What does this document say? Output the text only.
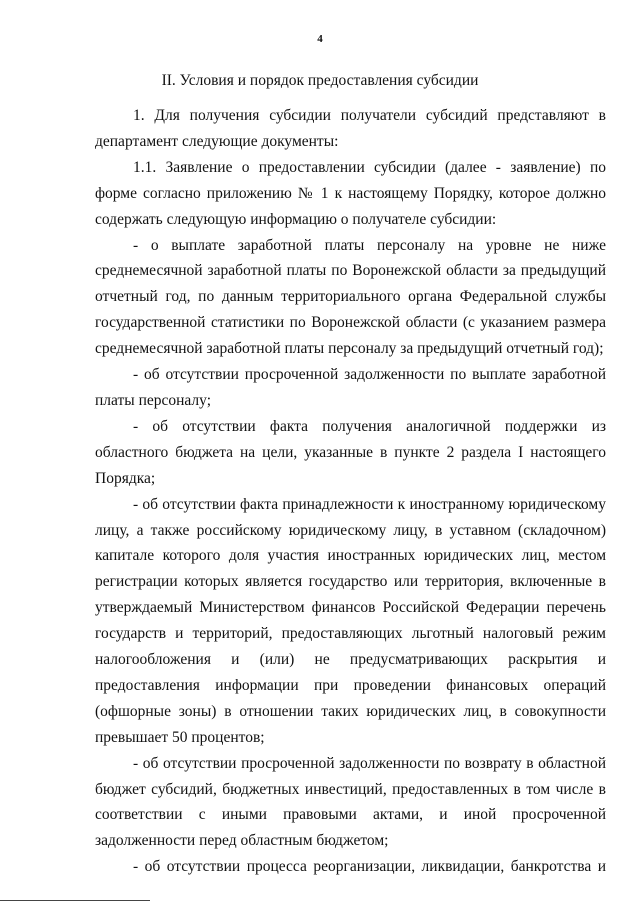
4
II. Условия и порядок предоставления субсидии

1. Для получения субсидии получатели субсидий представляют в департамент следующие документы:

1.1. Заявление о предоставлении субсидии (далее - заявление) по форме согласно приложению № 1 к настоящему Порядку, которое должно содержать следующую информацию о получателе субсидии:

- о выплате заработной платы персоналу на уровне не ниже среднемесячной заработной платы по Воронежской области за предыдущий отчетный год, по данным территориального органа Федеральной службы государственной статистики по Воронежской области (с указанием размера среднемесячной заработной платы персоналу за предыдущий отчетный год);

- об отсутствии просроченной задолженности по выплате заработной платы персоналу;

- об отсутствии факта получения аналогичной поддержки из областного бюджета на цели, указанные в пункте 2 раздела I настоящего Порядка;

- об отсутствии факта принадлежности к иностранному юридическому лицу, а также российскому юридическому лицу, в уставном (складочном) капитале которого доля участия иностранных юридических лиц, местом регистрации которых является государство или территория, включенные в утверждаемый Министерством финансов Российской Федерации перечень государств и территорий, предоставляющих льготный налоговый режим налогообложения и (или) не предусматривающих раскрытия и предоставления информации при проведении финансовых операций (офшорные зоны) в отношении таких юридических лиц, в совокупности превышает 50 процентов;

- об отсутствии просроченной задолженности по возврату в областной бюджет субсидий, бюджетных инвестиций, предоставленных в том числе в соответствии с иными правовыми актами, и иной просроченной задолженности перед областным бюджетом;

- об отсутствии процесса реорганизации, ликвидации, банкротства и
